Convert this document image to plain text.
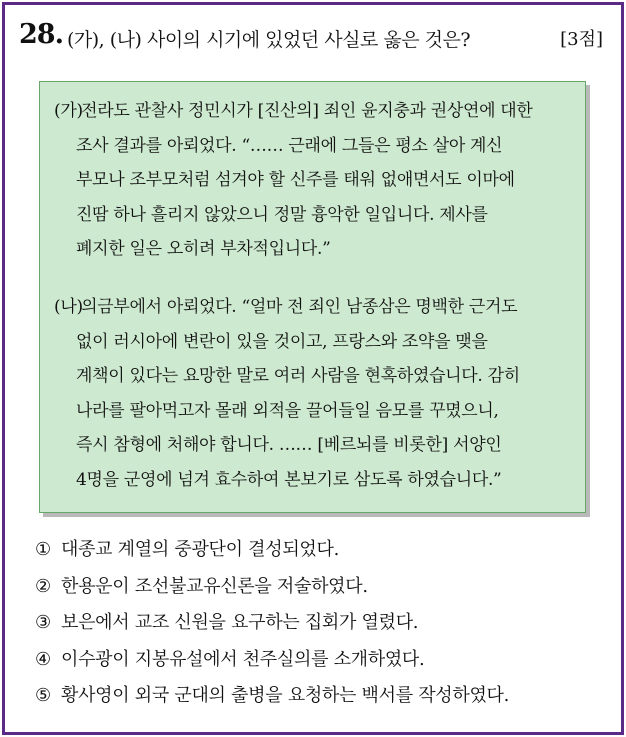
28. (가), (나) 사이의 시기에 있었던 사실로 옳은 것은?	[3점]
(가) 전라도 관찰사 정민시가 [진산의] 죄인 윤지충과 권상연에 대한
조사 결과를 아뢰었다. “…… 근래에 그들은 평소 살아 계신
부모나 조부모처럼 섬겨야 할 신주를 태워 없애면서도 이마에
진땀 하나 흘리지 않았으니 정말 흉악한 일입니다. 제사를
폐지한 일은 오히려 부차적입니다.”
(나) 의금부에서 아뢰었다. “얼마 전 죄인 남종삼은 명백한 근거도
없이 러시아에 변란이 있을 것이고, 프랑스와 조약을 맺을
계책이 있다는 요망한 말로 여러 사람을 현혹하였습니다. 감히
나라를 팔아먹고자 몰래 외적을 끌어들일 음모를 꾸몄으니,
즉시 참형에 처해야 합니다. …… [베르뇌를 비롯한] 서양인
4명을 군영에 넘겨 효수하여 본보기로 삼도록 하였습니다.”
① 대종교 계열의 중광단이 결성되었다.
② 한용운이 조선불교유신론을 저술하였다.
③ 보은에서 교조 신원을 요구하는 집회가 열렸다.
④ 이수광이 지봉유설에서 천주실의를 소개하였다.
⑤ 황사영이 외국 군대의 출병을 요청하는 백서를 작성하였다.
